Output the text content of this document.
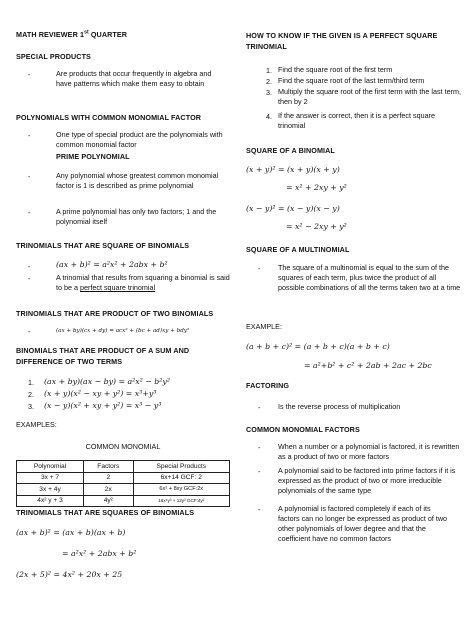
MATH REVIEWER 1st QUARTER
SPECIAL PRODUCTS
-	Are products that occur frequently in algebra and have patterns which make them easy to obtain
POLYNOMIALS WITH COMMON MONOMIAL FACTOR
-	One type of special product are the polynomials with common monomial factor
PRIME POLYNOMIAL
-	Any polynomial whose greatest common monomial factor is 1 is described as prime polynomial
-	A prime polynomial has only two factors; 1 and the polynomial itself
TRINOMIALS THAT ARE SQUARE OF BINOMIALS
-	(ax + b)² = a²x² + 2abx + b²
-	A trinomial that results from squaring a binomial is said to be a perfect square trinomial
TRINOMIALS THAT ARE PRODUCT OF TWO BINOMIALS
-	(ax + by)(cx + dy) = acx² + (bc + ad)xy + bdy²
BINOMIALS THAT ARE PRODUCT OF A SUM AND DIFFERENCE OF TWO TERMS
1. (ax + by)(ax − by) = a²x² − b²y²
2. (x + y)(x² − xy + y²) = x³+y³
3. (x − y)(x² + xy + y²) = x³ − y³
EXAMPLES:
COMMON MONOMIAL
Polynomial	Factors	Special Products
3x + 7	2	6x+14 GCF: 2
3x + 4y	2x	6x² + 8xy GCF:2x
4x² y + 3	4y²	16x⁴y³ + 12y² GCF:4y²
TRINOMIALS THAT ARE SQUARES OF BINOMIALS
(ax + b)² = (ax + b)(ax + b)
= a²x² + 2abx + b²
(2x + 5)² = 4x² + 20x + 25
HOW TO KNOW IF THE GIVEN IS A PERFECT SQUARE TRINOMIAL
1. Find the square root of the first term
2. Find the square root of the last term/third term
3. Multiply the square root of the first term with the last term, then by 2
4. If the answer is correct, then it is a perfect square trinomial
SQUARE OF A BINOMIAL
(x + y)² = (x + y)(x + y)
= x² + 2xy + y²
(x − y)² = (x − y)(x − y)
= x² − 2xy + y²
SQUARE OF A MULTINOMIAL
- The square of a multinomial is equal to the sum of the squares of each term, plus twice the product of all possible combinations of all the terms taken two at a time
EXAMPLE:
(a + b + c)² = (a + b + c)(a + b + c)
= a²+b² + c² + 2ab + 2ac + 2bc
FACTORING
- Is the reverse process of multiplication
COMMON MONOMIAL FACTORS
- When a number or a polynomial is factored, it is rewritten as a product of two or more factors
- A polynomial said to be factored into prime factors if it is expressed as the product of two or more irreducible polynomials of the same type
- A polynomial is factored completely if each of its factors can no longer be expressed as product of two other polynomials of lower degree and that the coefficient have no common factors
